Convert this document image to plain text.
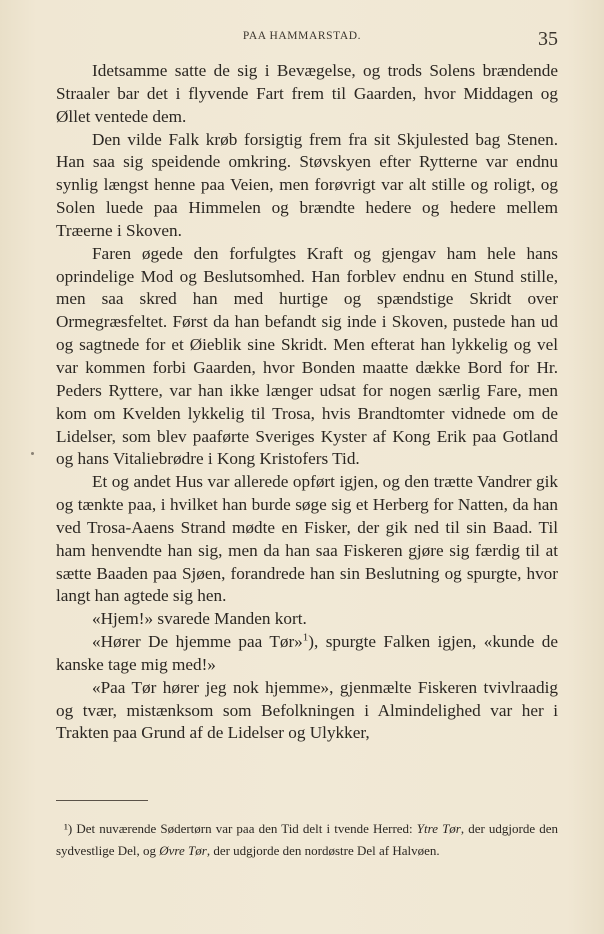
PAA HAMMARSTAD.	35

Idetsamme satte de sig i Bevægelse, og trods Solens brændende Straaler bar det i flyvende Fart frem til Gaarden, hvor Middagen og Øllet ventede dem.

Den vilde Falk krøb forsigtig frem fra sit Skjulested bag Stenen. Han saa sig speidende omkring. Støvskyen efter Rytterne var endnu synlig længst henne paa Veien, men forøvrigt var alt stille og roligt, og Solen luede paa Himmelen og brændte hedere og hedere mellem Træerne i Skoven.

Faren øgede den forfulgtes Kraft og gjengav ham hele hans oprindelige Mod og Beslutsomhed. Han forblev endnu en Stund stille, men saa skred han med hurtige og spændstige Skridt over Ormegræsfeltet. Først da han befandt sig inde i Skoven, pustede han ud og sagtnede for et Øieblik sine Skridt. Men efterat han lykkelig og vel var kommen forbi Gaarden, hvor Bonden maatte dække Bord for Hr. Peders Ryttere, var han ikke længer udsat for nogen særlig Fare, men kom om Kvelden lykkelig til Trosa, hvis Brandtomter vidnede om de Lidelser, som blev paaførte Sveriges Kyster af Kong Erik paa Gotland og hans Vitaliebrødre i Kong Kristofers Tid.

Et og andet Hus var allerede opført igjen, og den trætte Vandrer gik og tænkte paa, i hvilket han burde søge sig et Herberg for Natten, da han ved Trosa-Aaens Strand mødte en Fisker, der gik ned til sin Baad. Til ham henvendte han sig, men da han saa Fiskeren gjøre sig færdig til at sætte Baaden paa Sjøen, forandrede han sin Beslutning og spurgte, hvor langt han agtede sig hen.

«Hjem!» svarede Manden kort.

«Hører De hjemme paa Tør»$^1$), spurgte Falken igjen, «kunde de kanske tage mig med!»

«Paa Tør hører jeg nok hjemme», gjenmælte Fiskeren tvivlraadig og tvær, mistænksom som Befolkningen i Almindelighed var her i Trakten paa Grund af de Lidelser og Ulykker,

¹) Det nuværende Sødertørn var paa den Tid delt i tvende Herred: Ytre Tør, der udgjorde den sydvestlige Del, og Øvre Tør, der udgjorde den nordøstre Del af Halvøen.
